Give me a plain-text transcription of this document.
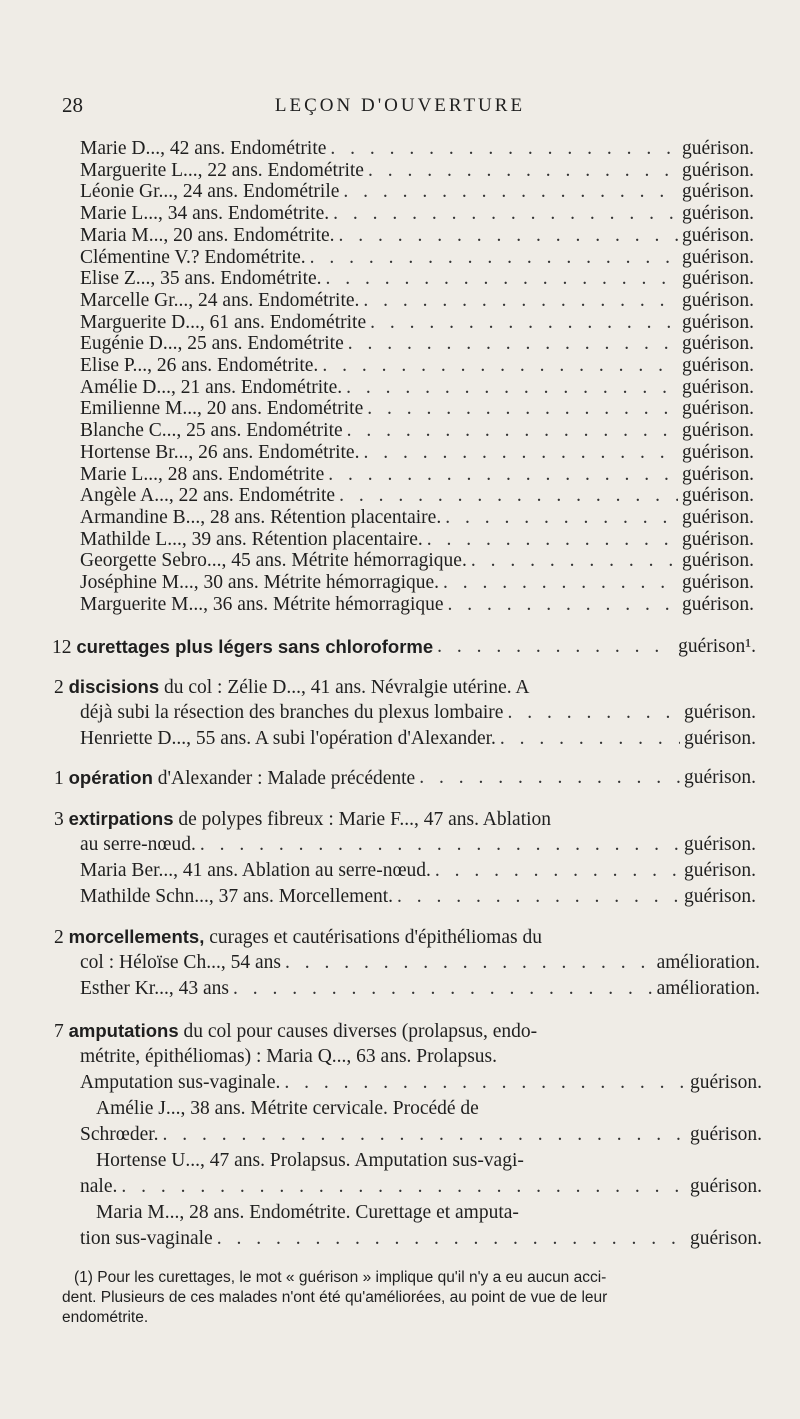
28	LEÇON D'OUVERTURE
Marie D..., 42 ans. Endométrite . . .	guérison.
Marguerite L..., 22 ans. Endométrite . . .	guérison.
Léonie Gr..., 24 ans. Endométrile . . .	guérison.
Marie L..., 34 ans. Endométrite. . . .	guérison.
Maria M..., 20 ans. Endométrite. . . .	guérison.
Clémentine V.? Endométrite. . . .	guérison.
Elise Z..., 35 ans. Endométrite. . . .	guérison.
Marcelle Gr..., 24 ans. Endométrite. . . .	guérison.
Marguerite D..., 61 ans. Endométrite . . .	guérison.
Eugénie D..., 25 ans. Endométrite . . .	guérison.
Elise P..., 26 ans. Endométrite. . . .	guérison.
Amélie D..., 21 ans. Endométrite. . . .	guérison.
Emilienne M..., 20 ans. Endométrite . . .	guérison.
Blanche C..., 25 ans. Endométrite . . .	guérison.
Hortense Br..., 26 ans. Endométrite. . . .	guérison.
Marie L..., 28 ans. Endométrite . . .	guérison.
Angèle A..., 22 ans. Endométrite . . .	guérison.
Armandine B..., 28 ans. Rétention placentaire. . . .	guérison.
Mathilde L..., 39 ans. Rétention placentaire. . . .	guérison.
Georgette Sebro..., 45 ans. Métrite hémorragique. . . .	guérison.
Joséphine M..., 30 ans. Métrite hémorragique. . . .	guérison.
Marguerite M..., 36 ans. Métrite hémorragique . . .	guérison.
12 curettages plus légers sans chloroforme . . .	guérison¹.
2 discisions du col : Zélie D..., 41 ans. Névralgie utérine. A
déjà subi la résection des branches du plexus lombaire . . .	guérison.
Henriette D..., 55 ans. A subi l'opération d'Alexander. . . .	guérison.
1 opération d'Alexander : Malade précédente . . .	guérison.
3 extirpations de polypes fibreux : Marie F..., 47 ans. Ablation
au serre-nœud. . . .	guérison.
Maria Ber..., 41 ans. Ablation au serre-nœud. . . .	guérison.
Mathilde Schn..., 37 ans. Morcellement. . . .	guérison.
2 morcellements, curages et cautérisations d'épithéliomas du
col : Héloïse Ch..., 54 ans . . .	amélioration.
Esther Kr..., 43 ans . . .	amélioration.
7 amputations du col pour causes diverses (prolapsus, endo-
métrite, épithéliomas) : Maria Q..., 63 ans. Prolapsus.
Amputation sus-vaginale. . . .	guérison.
Amélie J..., 38 ans. Métrite cervicale. Procédé de
Schrœder. . . .	guérison.
Hortense U..., 47 ans. Prolapsus. Amputation sus-vagi-
nale. . . .	guérison.
Maria M..., 28 ans. Endométrite. Curettage et amputa-
tion sus-vaginale . . .	guérison.
(1) Pour les curettages, le mot « guérison » implique qu'il n'y a eu aucun acci-
dent. Plusieurs de ces malades n'ont été qu'améliorées, au point de vue de leur
endométrite.
